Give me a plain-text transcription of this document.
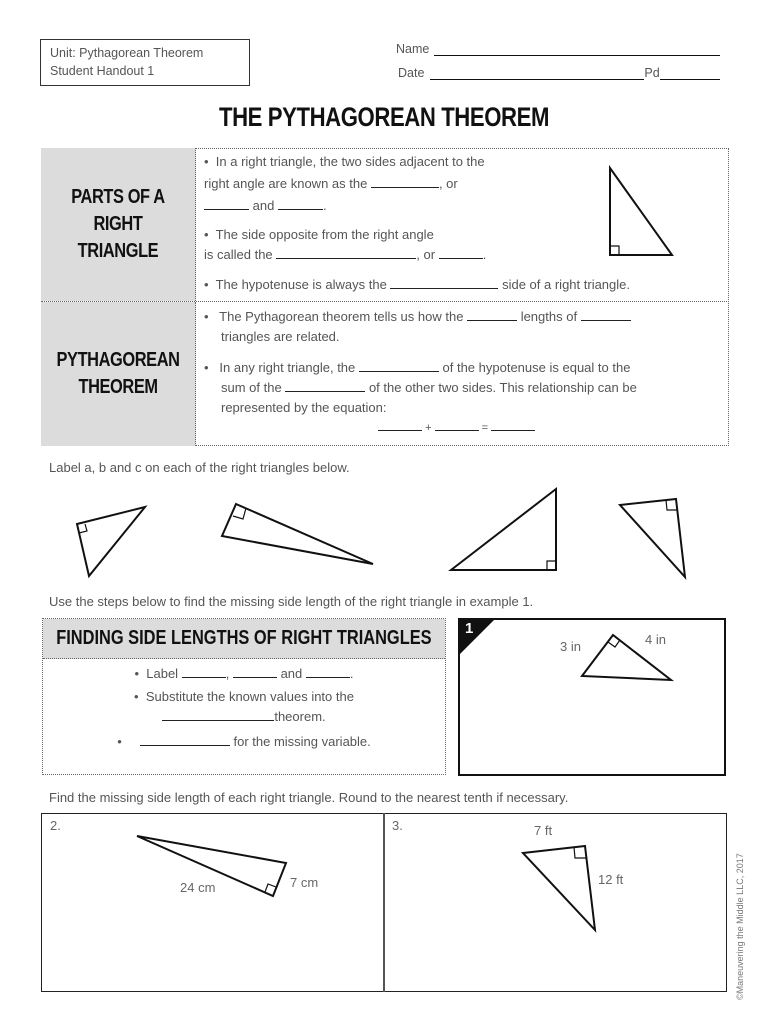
Unit: Pythagorean Theorem
Student Handout 1
Name
Date	Pd
THE PYTHAGOREAN THEOREM
PARTS OF A
RIGHT
TRIANGLE
• In a right triangle, the two sides adjacent to the
right angle are known as the	, or
and	.
• The side opposite from the right angle
is called the	, or	.
• The hypotenuse is always the	side of a right triangle.
PYTHAGOREAN
THEOREM
• The Pythagorean theorem tells us how the	lengths of
triangles are related.
• In any right triangle, the	of the hypotenuse is equal to the
sum of the	of the other two sides. This relationship can be
represented by the equation:
+	=
Label a, b and c on each of the right triangles below.
Use the steps below to find the missing side length of the right triangle in example 1.
FINDING SIDE LENGTHS OF RIGHT TRIANGLES
• Label	,	and	.
• Substitute the known values into the
theorem.
•	for the missing variable.
1
3 in	4 in
Find the missing side length of each right triangle. Round to the nearest tenth if necessary.
2.
24 cm	7 cm
3.	7 ft
12 ft	©Maneuvering the Middle LLC, 2017
